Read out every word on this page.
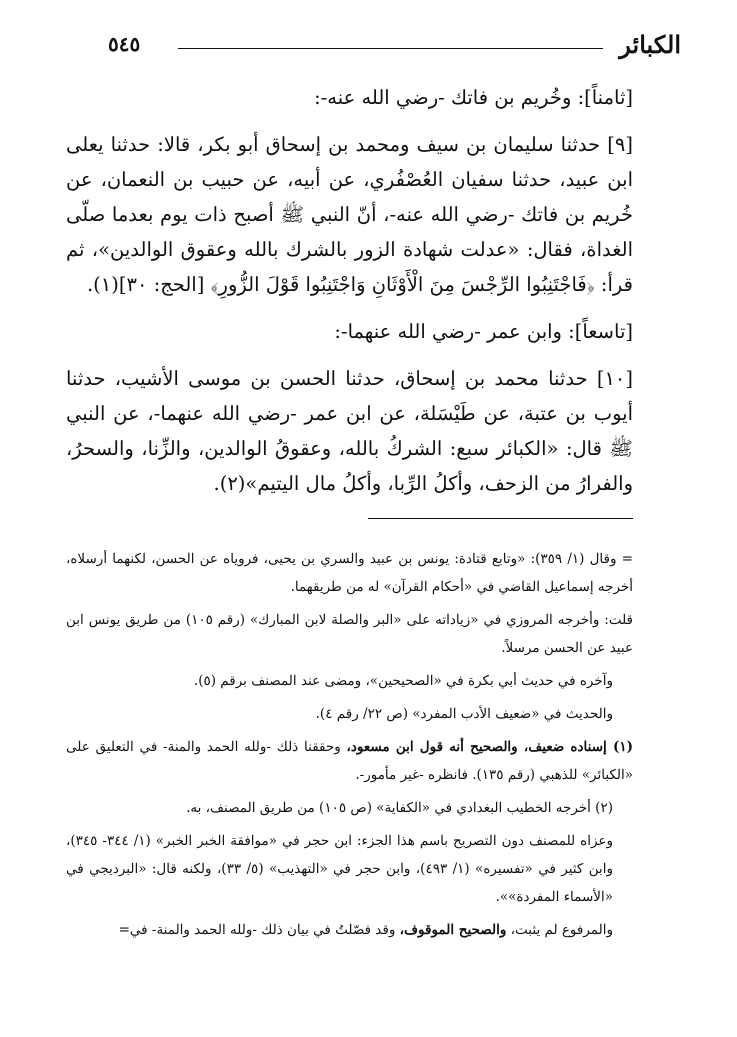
الكبائر
٥٤٥

[ثامناً]: وخُريم بن فاتك -رضي الله عنه-:

[٩] حدثنا سليمان بن سيف ومحمد بن إسحاق أبو بكر، قالا: حدثنا يعلى ابن عبيد، حدثنا سفيان العُصْفُري، عن أبيه، عن حبيب بن النعمان، عن خُريم بن فاتك -رضي الله عنه-، أنّ النبي ﷺ أصبح ذات يوم بعدما صلّى الغداة، فقال: «عدلت شهادة الزور بالشرك بالله وعقوق الوالدين»، ثم قرأ: ﴿فَاجْتَنِبُوا الرِّجْسَ مِنَ الْأَوْثَانِ وَاجْتَنِبُوا قَوْلَ الزُّورِ﴾ [الحج: ٣٠](١).

[تاسعاً]: وابن عمر -رضي الله عنهما-:

[١٠] حدثنا محمد بن إسحاق، حدثنا الحسن بن موسى الأشيب، حدثنا أيوب بن عتبة، عن طَيْسَلة، عن ابن عمر -رضي الله عنهما-، عن النبي ﷺ قال: «الكبائر سبع: الشركُ بالله، وعقوقُ الوالدين، والزِّنا، والسحرُ، والفرارُ من الزحف، وأكلُ الرِّبا، وأكلُ مال اليتيم»(٢).

= وقال (١/ ٣٥٩): «وتابع قتادة: يونس بن عبيد والسري بن يحيى، فروياه عن الحسن، لكنهما أرسلاه، أخرجه إسماعيل القاضي في «أحكام القرآن» له من طريقهما.

قلت: وأخرجه المروزي في «زياداته على «البر والصلة لابن المبارك» (رقم ١٠٥) من طريق يونس ابن عبيد عن الحسن مرسلاً.

وآخره في حديث أبي بكرة في «الصحيحين»، ومضى عند المصنف برقم (٥).

والحديث في «ضعيف الأدب المفرد» (ص ٢٢/ رقم ٤).

(١) إسناده ضعيف، والصحيح أنه قول ابن مسعود، وحققنا ذلك -ولله الحمد والمنة- في التعليق على «الكبائر» للذهبي (رقم ١٣٥). فانظره -غير مأمور-.

(٢) أخرجه الخطيب البغدادي في «الكفاية» (ص ١٠٥) من طريق المصنف، به.

وعزاه للمصنف دون التصريح باسم هذا الجزء: ابن حجر في «موافقة الخبر الخبر» (١/ ٣٤٤- ٣٤٥)، وابن كثير في «تفسيره» (١/ ٤٩٣)، وابن حجر في «التهذيب» (٥/ ٣٣)، ولكنه قال: «البرديجي في «الأسماء المفردة»».

والمرفوع لم يثبت، والصحيح الموقوف، وقد فصّلتُ في بيان ذلك -ولله الحمد والمنة- في=
